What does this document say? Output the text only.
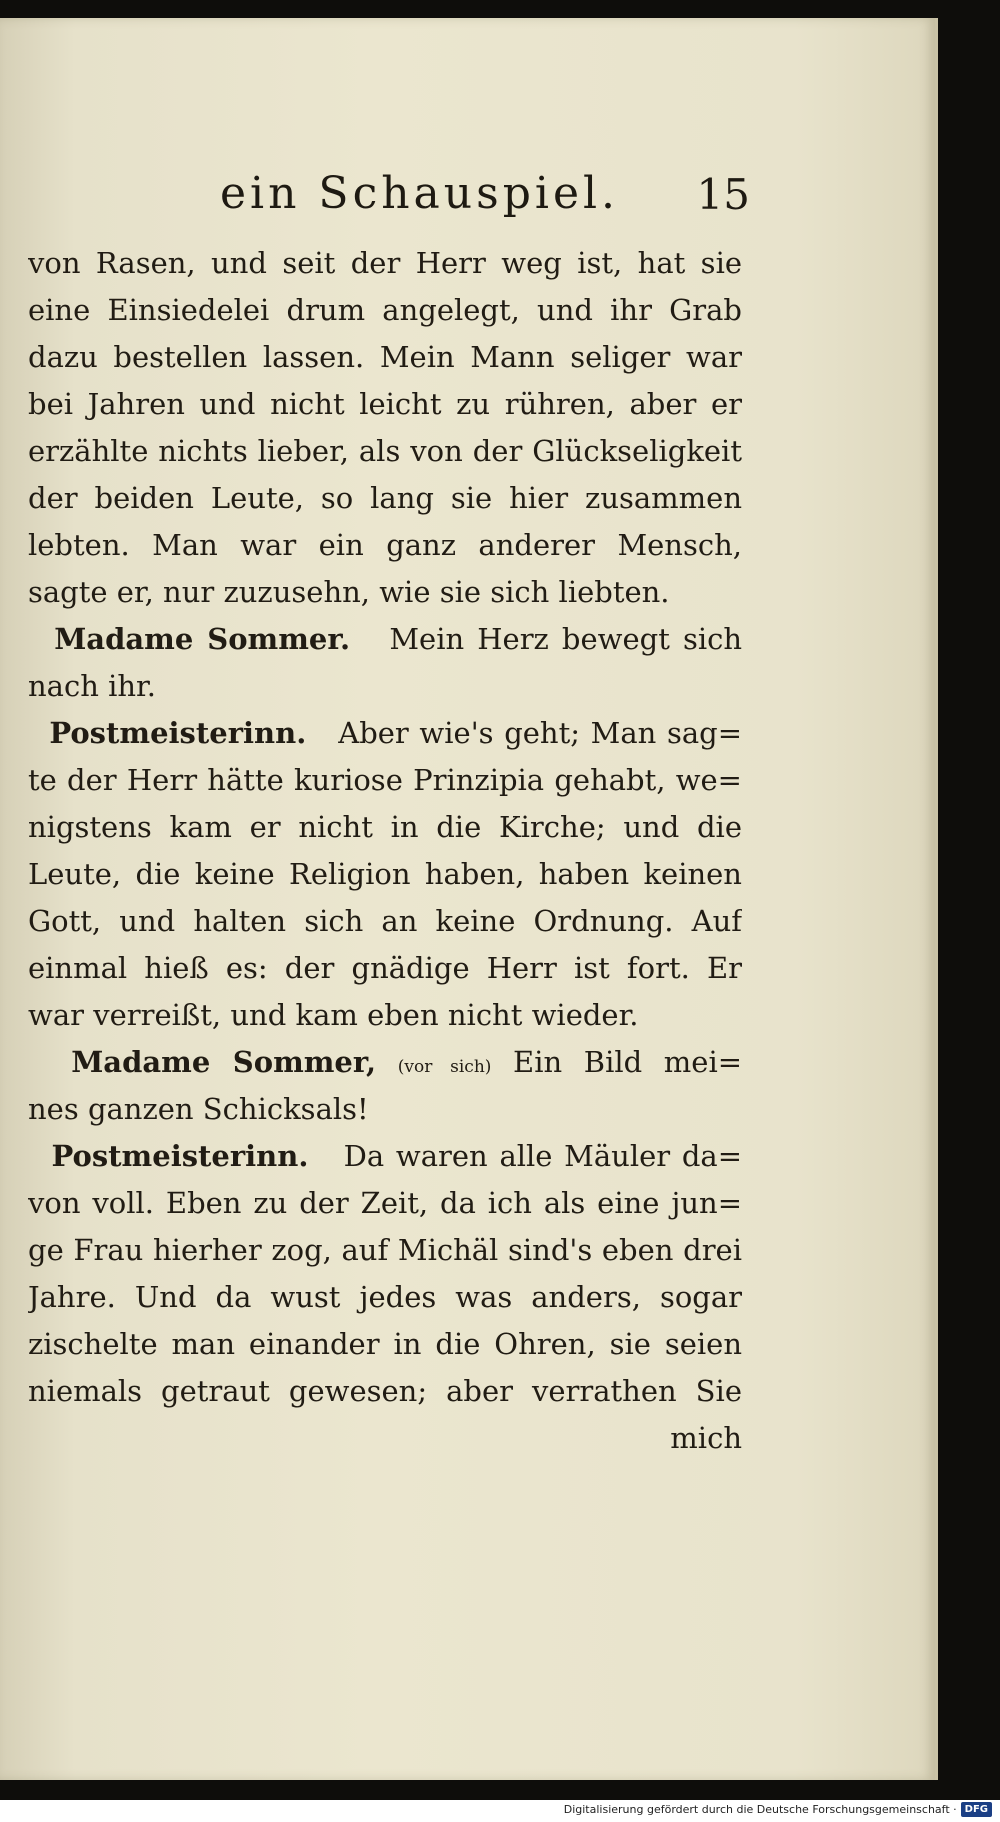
ein Schauspiel. 15
von Rasen, und seit der Herr weg ist, hat sie
eine Einsiedelei drum angelegt, und ihr Grab
dazu bestellen lassen. Mein Mann seliger war
bei Jahren und nicht leicht zu rühren, aber er
erzählte nichts lieber, als von der Glückseligkeit
der beiden Leute, so lang sie hier zusammen
lebten. Man war ein ganz anderer Mensch,
sagte er, nur zuzusehn, wie sie sich liebten.
Madame Sommer. Mein Herz bewegt sich
nach ihr.
Postmeisterinn. Aber wie's geht; Man sag=
te der Herr hätte kuriose Prinzipia gehabt, we=
nigstens kam er nicht in die Kirche; und die
Leute, die keine Religion haben, haben keinen
Gott, und halten sich an keine Ordnung. Auf
einmal hieß es: der gnädige Herr ist fort. Er
war verreißt, und kam eben nicht wieder.
Madame Sommer, (vor sich) Ein Bild mei=
nes ganzen Schicksals!
Postmeisterinn. Da waren alle Mäuler da=
von voll. Eben zu der Zeit, da ich als eine jun=
ge Frau hierher zog, auf Michäl sind's eben drei
Jahre. Und da wust jedes was anders, sogar
zischelte man einander in die Ohren, sie seien
niemals getraut gewesen; aber verrathen Sie
mich
Digitalisierung gefördert durch die Deutsche Forschungsgemeinschaft · DFG
